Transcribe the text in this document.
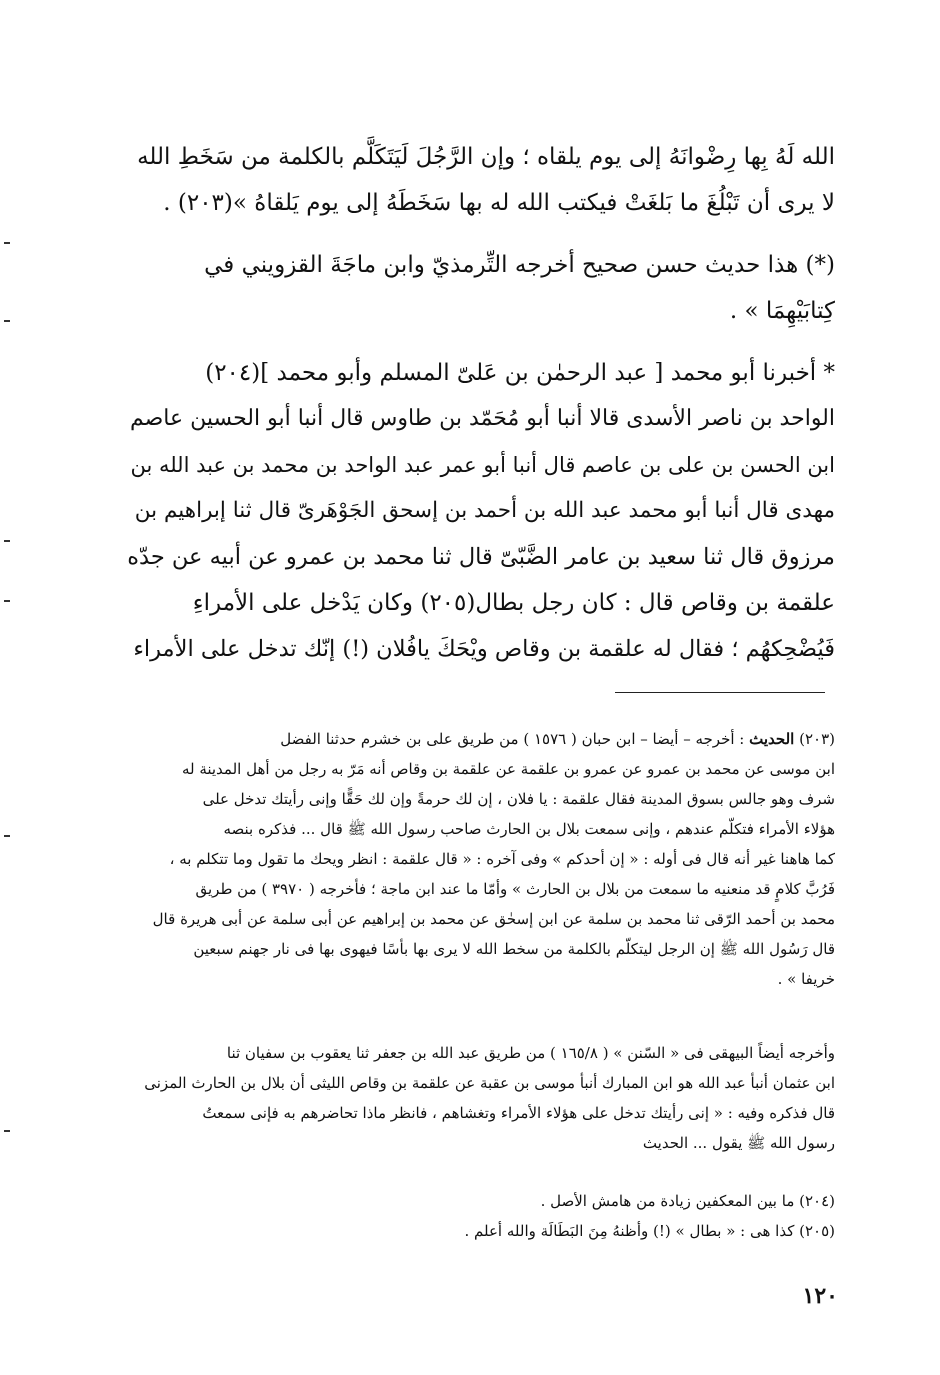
الله لَهُ بِها رِضْوانَهُ إلى يوم يلقاه ؛ وإن الرَّجُلَ لَيَتَكَلَّم بالكلمة من سَخَطِ الله
لا يرى أن تَبْلُغَ ما بَلغَتْ فيكتب الله له بها سَخَطَهُ إلى يوم يَلقاهُ »(٢٠٣) .
(*) هذا حديث حسن صحيح أخرجه التِّرمذيّ وابن ماجَةَ القزويني في
كِتابَيْهِمَا » .
* أخبرنا أبو محمد [ عبد الرحمٰن بن عَلىّ المسلم وأبو محمد ](٢٠٤)
الواحد بن ناصر الأسدى قالا أنبا أبو مُحَمّد بن طاوس قال أنبا أبو الحسين عاصم
ابن الحسن بن على بن عاصم قال أنبا أبو عمر عبد الواحد بن محمد بن عبد الله بن
مهدى قال أنبا أبو محمد عبد الله بن أحمد بن إسحق الجَوْهَرىّ قال ثنا إبراهيم بن
مرزوق قال ثنا سعيد بن عامر الضَّبّىّ قال ثنا محمد بن عمرو عن أبيه عن جدّه
علقمة بن وقاص قال : كان رجل بطال(٢٠٥) وكان يَدْخل على الأمراءِ
فَيُضْحِكهُم ؛ فقال له علقمة بن وقاص ويْحَكَ يافُلان (!) إنّك تدخل على الأمراء
(٢٠٣) الحديث : أخرجه – أيضا – ابن حبان ( ١٥٧٦ ) من طريق على بن خشرم حدثنا الفضل
ابن موسى عن محمد بن عمرو عن عمرو بن علقمة عن علقمة بن وقاص أنه مَرّ به رجل من أهل المدينة له
شرف وهو جالس بسوق المدينة فقال علقمة : يا فلان ، إن لك حرمةً وإن لك حَقًّا وإنى رأيتك تدخل على
هؤلاء الأمراء فتكلّم عندهم ، وإنى سمعت بلال بن الحارث صاحب رسول الله ﷺ قال ... فذكره بنصه
كما هاهنا غير أنه قال فى أوله : « إن أحدكم » وفى آخره : « قال علقمة : انظر ويحك ما تقول وما تتكلم به ،
فَرُبَّ كلامٍ قد منعنيه ما سمعت من بلال بن الحارث » وأمّا ما عند ابن ماجة ؛ فأخرجه ( ٣٩٧٠ ) من طريق
محمد بن أحمد الرّقى ثنا محمد بن سلمة عن ابن إسحٰق عن محمد بن إبراهيم عن أبى سلمة عن أبى هريرة قال
قال رَسُول الله ﷺ إن الرجل ليتكلّم بالكلمة من سخط الله لا يرى بها بأسًا فيهوى بها فى نار جهنم سبعين
خريفا » .
وأخرجه أيضاً البيهقى فى « السّنن » ( ١٦٥/٨ ) من طريق عبد الله بن جعفر ثنا يعقوب بن سفيان ثنا
ابن عثمان أنبأ عبد الله هو ابن المبارك أنبأ موسى بن عقبة عن علقمة بن وقاص الليثى أن بلال بن الحارث المزنى
قال فذكره وفيه : « إنى رأيتك تدخل على هؤلاء الأمراء وتغشاهم ، فانظر ماذا تحاضرهم به فإنى سمعتُ
رسول الله ﷺ يقول ... الحديث
(٢٠٤) ما بين المعكفين زيادة من هامش الأصل .
(٢٠٥) كذا هى : « بطال » (!) وأظنهُ مِنَ البَطَالَة والله أعلم .
١٢٠
